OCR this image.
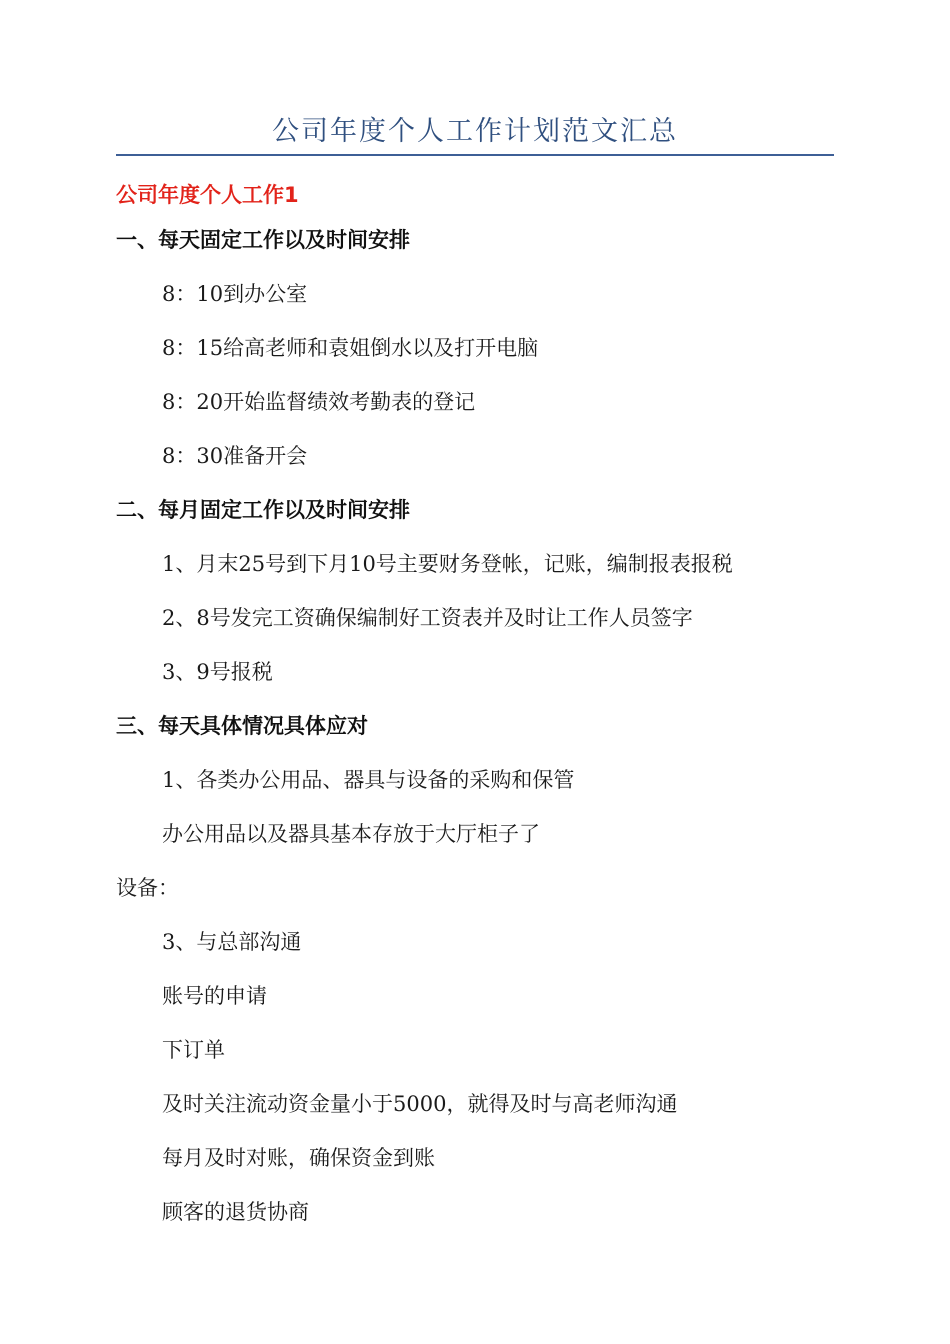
公司年度个人工作计划范文汇总
公司年度个人工作1
一、每天固定工作以及时间安排
8：10到办公室
8：15给高老师和袁姐倒水以及打开电脑
8：20开始监督绩效考勤表的登记
8：30准备开会
二、每月固定工作以及时间安排
1、月末25号到下月10号主要财务登帐，记账，编制报表报税
2、8号发完工资确保编制好工资表并及时让工作人员签字
3、9号报税
三、每天具体情况具体应对
1、各类办公用品、器具与设备的采购和保管
办公用品以及器具基本存放于大厅柜子了
设备：
3、与总部沟通
账号的申请
下订单
及时关注流动资金量小于5000，就得及时与高老师沟通
每月及时对账，确保资金到账
顾客的退货协商
